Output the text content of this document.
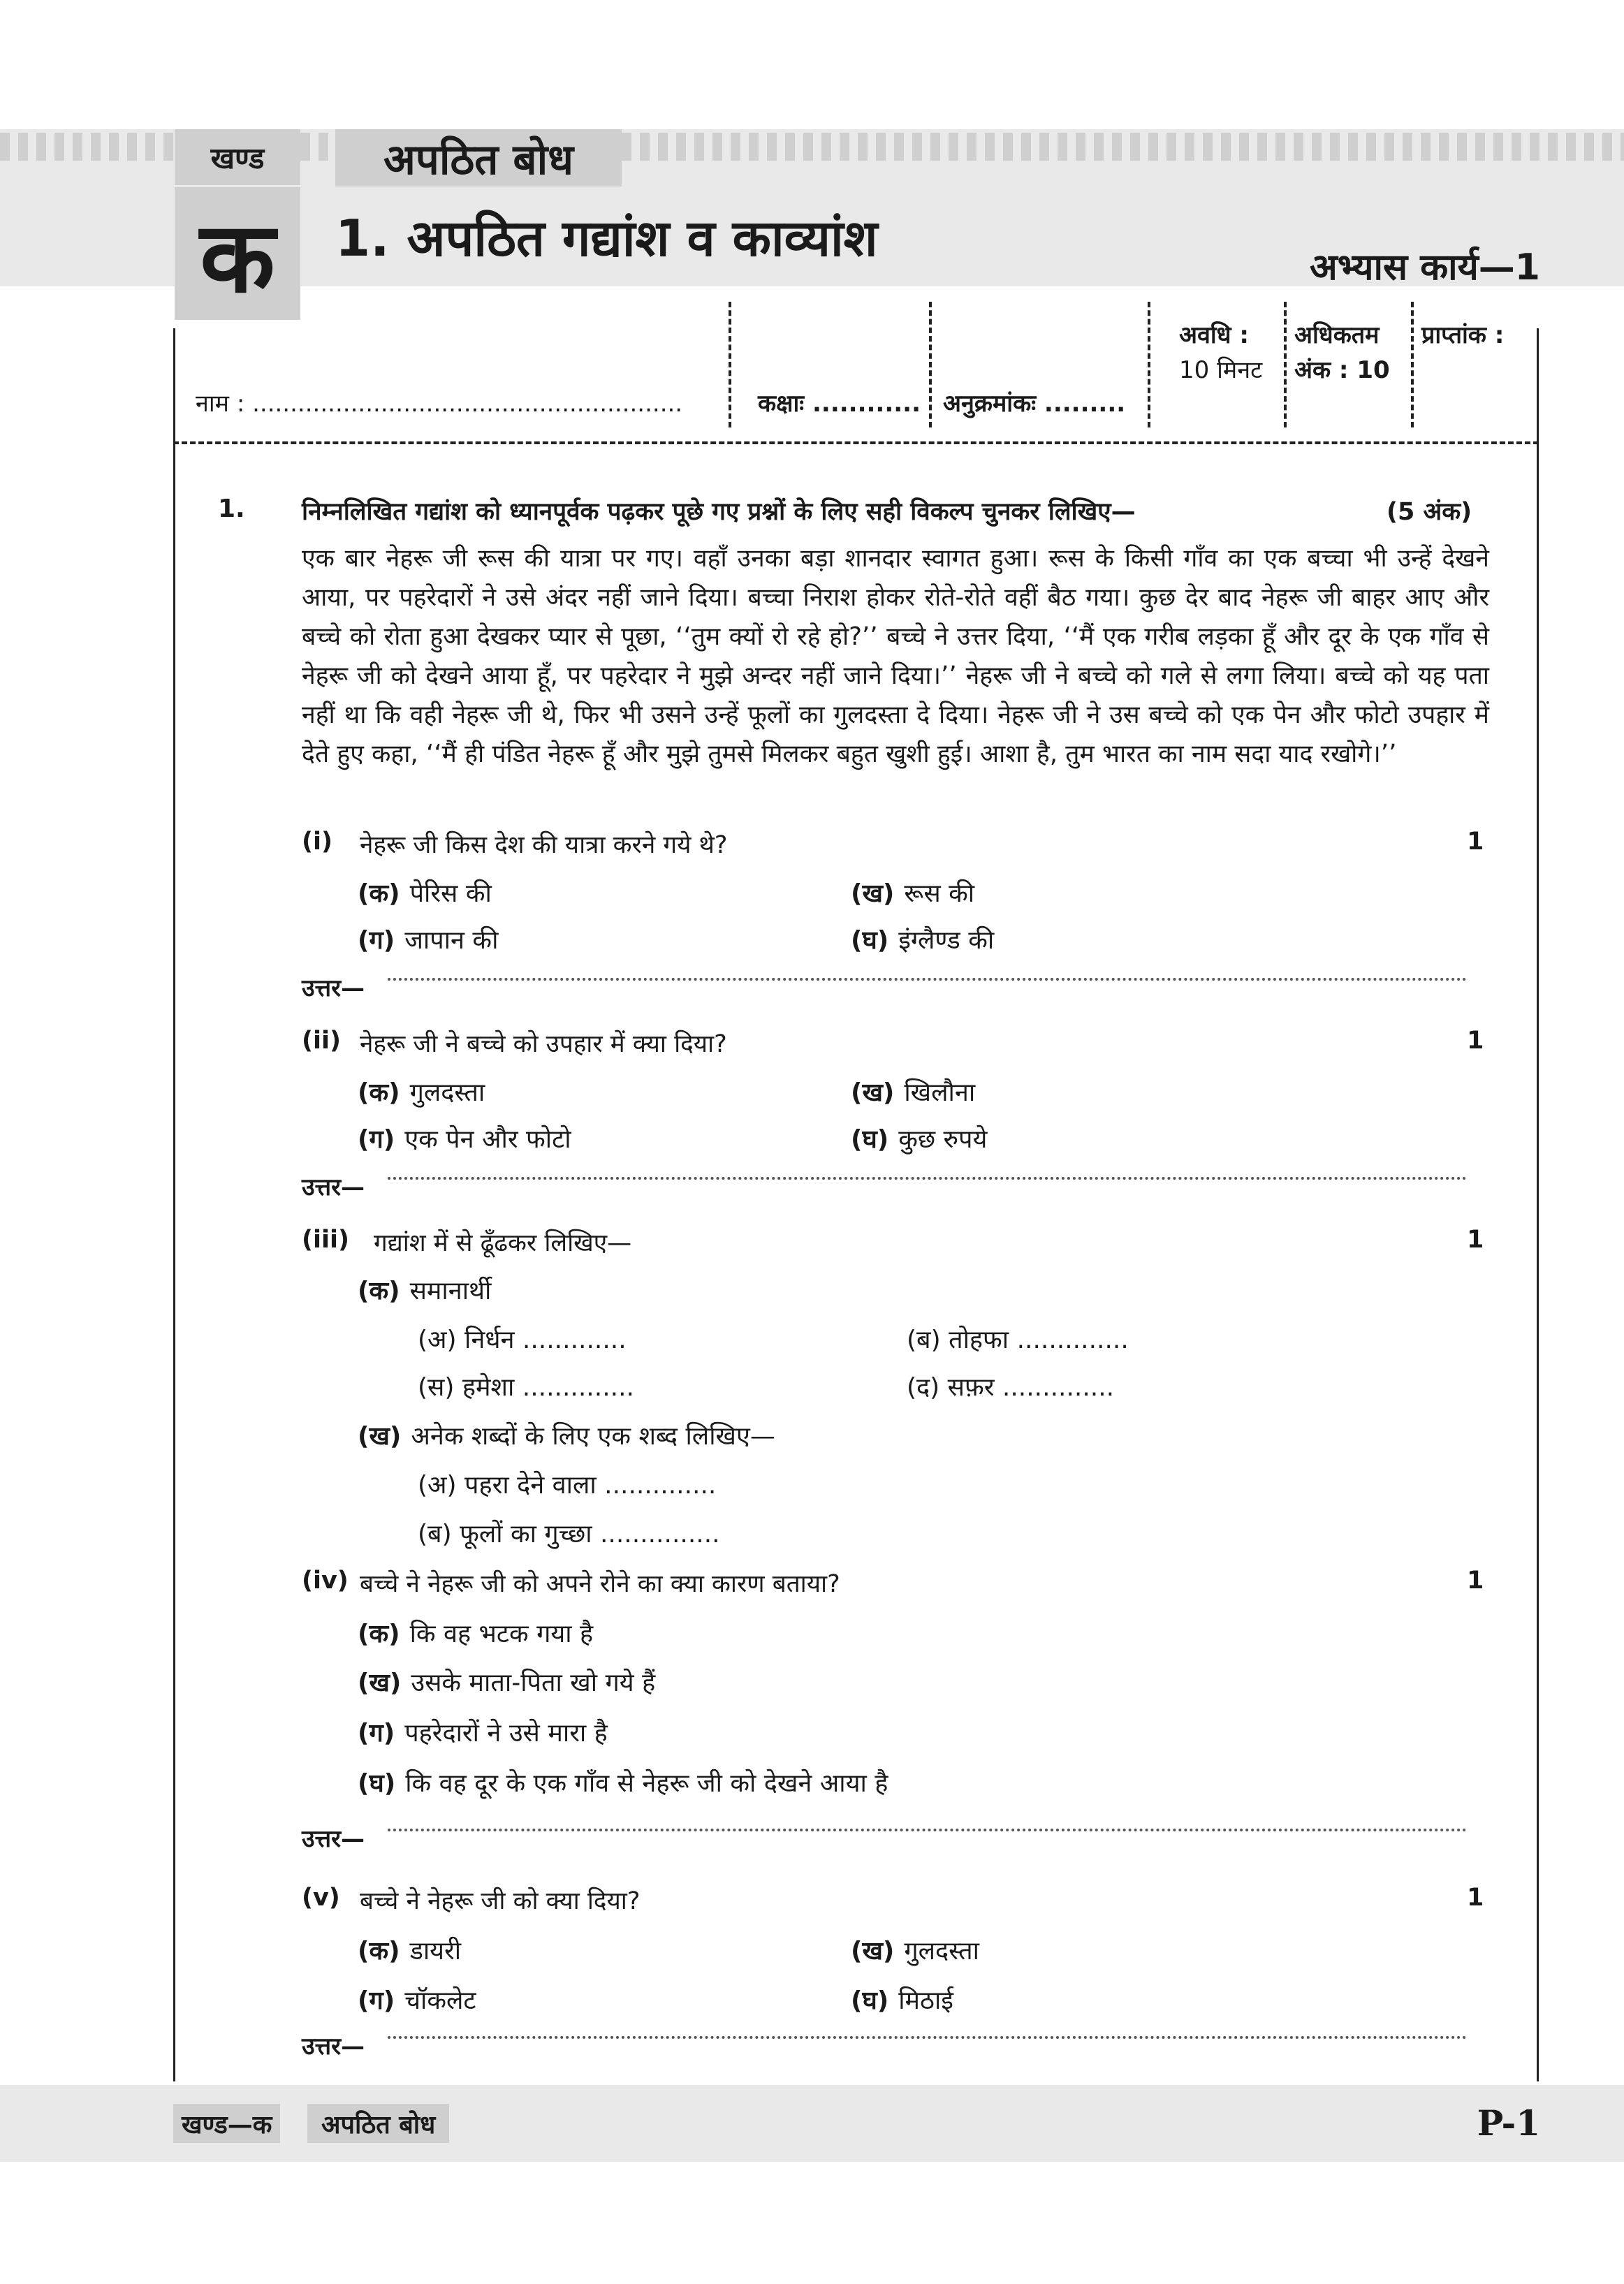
खण्ड
क
अपठित बोध
1. अपठित गद्यांश व काव्यांश	अभ्यास कार्य—1
नाम : .........................................................	कक्षाः ............ अनुक्रमांकः .........
अवधि :
10 मिनट
अधिकतम
अंक : 10
प्राप्तांक :
1. निम्नलिखित गद्यांश को ध्यानपूर्वक पढ़कर पूछे गए प्रश्नों के लिए सही विकल्प चुनकर लिखिए—	(5 अंक)

एक बार नेहरू जी रूस की यात्रा पर गए। वहाँ उनका बड़ा शानदार स्वागत हुआ। रूस के किसी गाँव का एक बच्चा भी उन्हें देखने आया, पर पहरेदारों ने उसे अंदर नहीं जाने दिया। बच्चा निराश होकर रोते-रोते वहीं बैठ गया। कुछ देर बाद नेहरू जी बाहर आए और बच्चे को रोता हुआ देखकर प्यार से पूछा, ‘‘तुम क्यों रो रहे हो?’’ बच्चे ने उत्तर दिया, ‘‘मैं एक गरीब लड़का हूँ और दूर के एक गाँव से नेहरू जी को देखने आया हूँ, पर पहरेदार ने मुझे अन्दर नहीं जाने दिया।’’ नेहरू जी ने बच्चे को गले से लगा लिया। बच्चे को यह पता नहीं था कि वही नेहरू जी थे, फिर भी उसने उन्हें फूलों का गुलदस्ता दे दिया। नेहरू जी ने उस बच्चे को एक पेन और फोटो उपहार में देते हुए कहा, ‘‘मैं ही पंडित नेहरू हूँ और मुझे तुमसे मिलकर बहुत खुशी हुई। आशा है, तुम भारत का नाम सदा याद रखोगे।’’

(i) नेहरू जी किस देश की यात्रा करने गये थे?	1
(क) पेरिस की	(ख) रूस की
(ग) जापान की	(घ) इंग्लैण्ड की
उत्तर—
(ii) नेहरू जी ने बच्चे को उपहार में क्या दिया?	1
(क) गुलदस्ता	(ख) खिलौना
(ग) एक पेन और फोटो	(घ) कुछ रुपये
उत्तर—
(iii) गद्यांश में से ढूँढकर लिखिए—	1
(क) समानार्थी
(अ) निर्धन .............	(ब) तोहफा ..............
(स) हमेशा ..............	(द) सफ़र ..............
(ख) अनेक शब्दों के लिए एक शब्द लिखिए—
(अ) पहरा देने वाला ..............
(ब) फूलों का गुच्छा ...............
(iv) बच्चे ने नेहरू जी को अपने रोने का क्या कारण बताया?	1
(क) कि वह भटक गया है
(ख) उसके माता-पिता खो गये हैं
(ग) पहरेदारों ने उसे मारा है
(घ) कि वह दूर के एक गाँव से नेहरू जी को देखने आया है
उत्तर—
(v) बच्चे ने नेहरू जी को क्या दिया?	1
(क) डायरी	(ख) गुलदस्ता
(ग) चॉकलेट	(घ) मिठाई
उत्तर—
खण्ड—क	अपठित बोध	P-1
